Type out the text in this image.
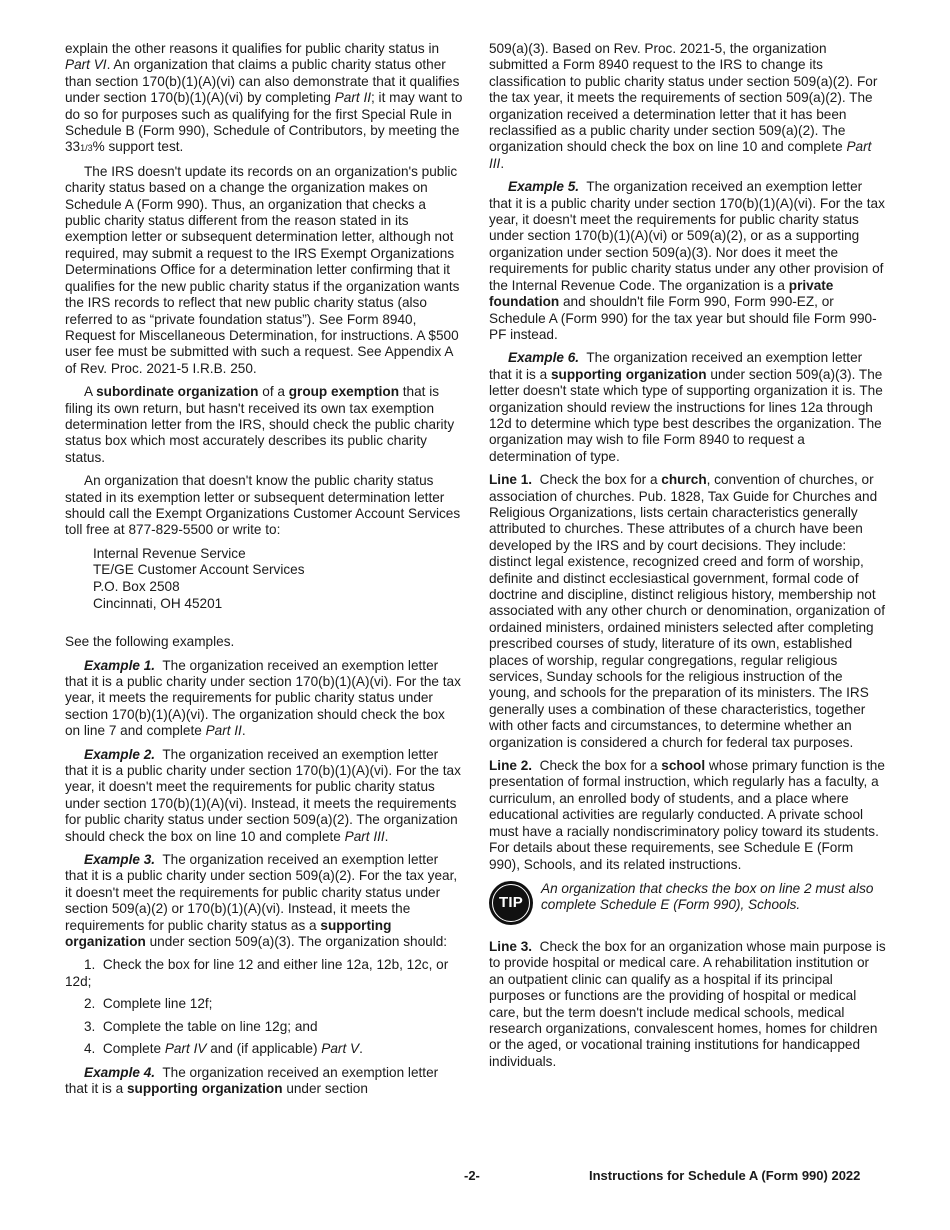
explain the other reasons it qualifies for public charity status in Part VI. An organization that claims a public charity status other than section 170(b)(1)(A)(vi) can also demonstrate that it qualifies under section 170(b)(1)(A)(vi) by completing Part II; it may want to do so for purposes such as qualifying for the first Special Rule in Schedule B (Form 990), Schedule of Contributors, by meeting the 331/3% support test.

The IRS doesn't update its records on an organization's public charity status based on a change the organization makes on Schedule A (Form 990). Thus, an organization that checks a public charity status different from the reason stated in its exemption letter or subsequent determination letter, although not required, may submit a request to the IRS Exempt Organizations Determinations Office for a determination letter confirming that it qualifies for the new public charity status if the organization wants the IRS records to reflect that new public charity status (also referred to as “private foundation status”). See Form 8940, Request for Miscellaneous Determination, for instructions. A $500 user fee must be submitted with such a request. See Appendix A of Rev. Proc. 2021-5 I.R.B. 250.

A subordinate organization of a group exemption that is filing its own return, but hasn't received its own tax exemption determination letter from the IRS, should check the public charity status box which most accurately describes its public charity status.

An organization that doesn't know the public charity status stated in its exemption letter or subsequent determination letter should call the Exempt Organizations Customer Account Services toll free at 877-829-5500 or write to:

Internal Revenue Service
TE/GE Customer Account Services
P.O. Box 2508
Cincinnati, OH 45201

See the following examples.

Example 1. The organization received an exemption letter that it is a public charity under section 170(b)(1)(A)(vi). For the tax year, it meets the requirements for public charity status under section 170(b)(1)(A)(vi). The organization should check the box on line 7 and complete Part II.

Example 2. The organization received an exemption letter that it is a public charity under section 170(b)(1)(A)(vi). For the tax year, it doesn't meet the requirements for public charity status under section 170(b)(1)(A)(vi). Instead, it meets the requirements for public charity status under section 509(a)(2). The organization should check the box on line 10 and complete Part III.

Example 3. The organization received an exemption letter that it is a public charity under section 509(a)(2). For the tax year, it doesn't meet the requirements for public charity status under section 509(a)(2) or 170(b)(1)(A)(vi). Instead, it meets the requirements for public charity status as a supporting organization under section 509(a)(3). The organization should:

1.  Check the box for line 12 and either line 12a, 12b, 12c, or 12d;
2.  Complete line 12f;
3.  Complete the table on line 12g; and
4.  Complete Part IV and (if applicable) Part V.

Example 4. The organization received an exemption letter that it is a supporting organization under section

509(a)(3). Based on Rev. Proc. 2021-5, the organization submitted a Form 8940 request to the IRS to change its classification to public charity status under section 509(a)(2). For the tax year, it meets the requirements of section 509(a)(2). The organization received a determination letter that it has been reclassified as a public charity under section 509(a)(2). The organization should check the box on line 10 and complete Part III.

Example 5. The organization received an exemption letter that it is a public charity under section 170(b)(1)(A)(vi). For the tax year, it doesn't meet the requirements for public charity status under section 170(b)(1)(A)(vi) or 509(a)(2), or as a supporting organization under section 509(a)(3). Nor does it meet the requirements for public charity status under any other provision of the Internal Revenue Code. The organization is a private foundation and shouldn't file Form 990, Form 990-EZ, or Schedule A (Form 990) for the tax year but should file Form 990-PF instead.

Example 6. The organization received an exemption letter that it is a supporting organization under section 509(a)(3). The letter doesn't state which type of supporting organization it is. The organization should review the instructions for lines 12a through 12d to determine which type best describes the organization. The organization may wish to file Form 8940 to request a determination of type.

Line 1. Check the box for a church, convention of churches, or association of churches. Pub. 1828, Tax Guide for Churches and Religious Organizations, lists certain characteristics generally attributed to churches. These attributes of a church have been developed by the IRS and by court decisions. They include: distinct legal existence, recognized creed and form of worship, definite and distinct ecclesiastical government, formal code of doctrine and discipline, distinct religious history, membership not associated with any other church or denomination, organization of ordained ministers, ordained ministers selected after completing prescribed courses of study, literature of its own, established places of worship, regular congregations, regular religious services, Sunday schools for the religious instruction of the young, and schools for the preparation of its ministers. The IRS generally uses a combination of these characteristics, together with other facts and circumstances, to determine whether an organization is considered a church for federal tax purposes.

Line 2. Check the box for a school whose primary function is the presentation of formal instruction, which regularly has a faculty, a curriculum, an enrolled body of students, and a place where educational activities are regularly conducted. A private school must have a racially nondiscriminatory policy toward its students. For details about these requirements, see Schedule E (Form 990), Schools, and its related instructions.

TIP
An organization that checks the box on line 2 must also complete Schedule E (Form 990), Schools.

Line 3. Check the box for an organization whose main purpose is to provide hospital or medical care. A rehabilitation institution or an outpatient clinic can qualify as a hospital if its principal purposes or functions are the providing of hospital or medical care, but the term doesn't include medical schools, medical research organizations, convalescent homes, homes for children or the aged, or vocational training institutions for handicapped individuals.

-2-	Instructions for Schedule A (Form 990) 2022
